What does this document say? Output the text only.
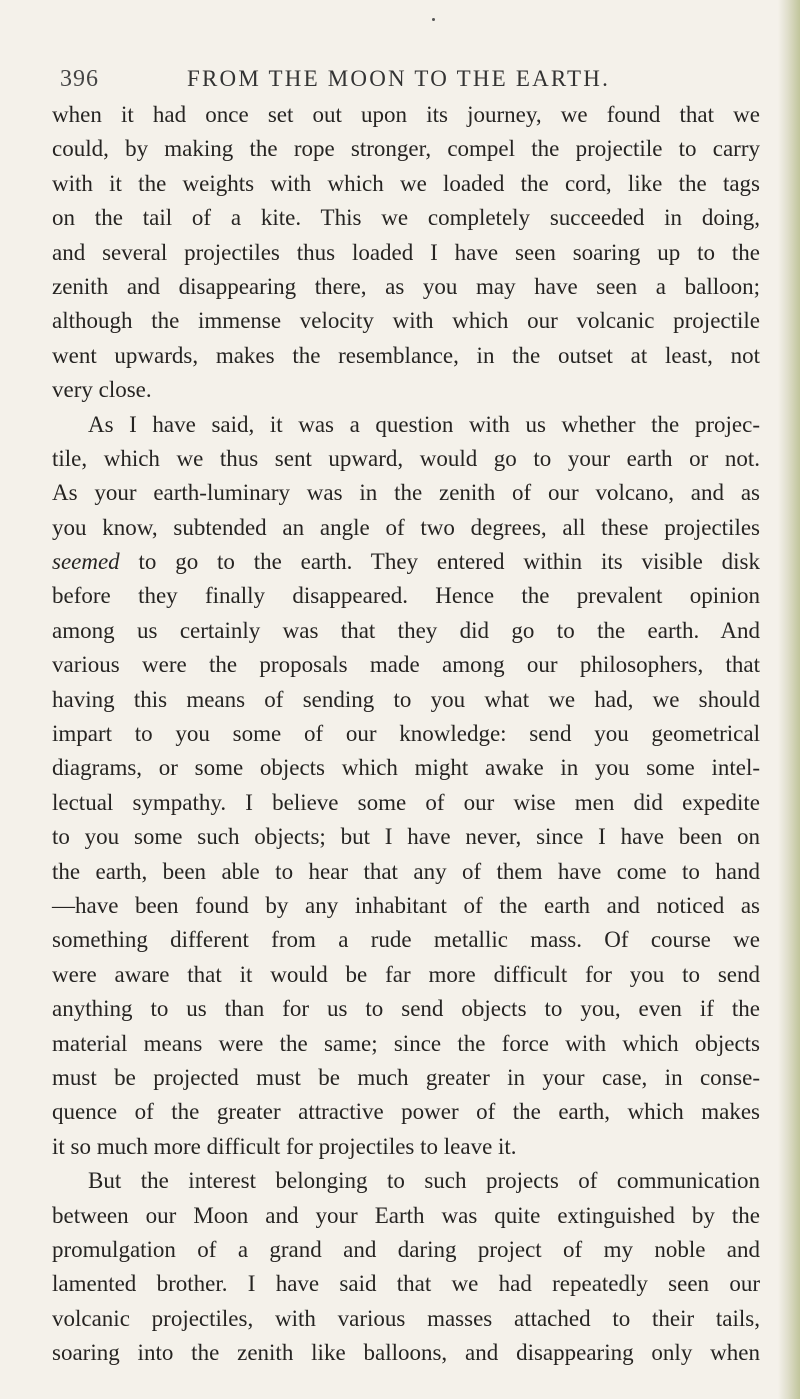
396	FROM THE MOON TO THE EARTH.
when it had once set out upon its journey, we found that we
could, by making the rope stronger, compel the projectile to carry
with it the weights with which we loaded the cord, like the tags
on the tail of a kite. This we completely succeeded in doing,
and several projectiles thus loaded I have seen soaring up to the
zenith and disappearing there, as you may have seen a balloon;
although the immense velocity with which our volcanic projectile
went upwards, makes the resemblance, in the outset at least, not
very close.
As I have said, it was a question with us whether the projec-
tile, which we thus sent upward, would go to your earth or not.
As your earth-luminary was in the zenith of our volcano, and as
you know, subtended an angle of two degrees, all these projectiles
seemed to go to the earth. They entered within its visible disk
before they finally disappeared. Hence the prevalent opinion
among us certainly was that they did go to the earth. And
various were the proposals made among our philosophers, that
having this means of sending to you what we had, we should
impart to you some of our knowledge: send you geometrical
diagrams, or some objects which might awake in you some intel-
lectual sympathy. I believe some of our wise men did expedite
to you some such objects; but I have never, since I have been on
the earth, been able to hear that any of them have come to hand
—have been found by any inhabitant of the earth and noticed as
something different from a rude metallic mass. Of course we
were aware that it would be far more difficult for you to send
anything to us than for us to send objects to you, even if the
material means were the same; since the force with which objects
must be projected must be much greater in your case, in conse-
quence of the greater attractive power of the earth, which makes
it so much more difficult for projectiles to leave it.
But the interest belonging to such projects of communication
between our Moon and your Earth was quite extinguished by the
promulgation of a grand and daring project of my noble and
lamented brother. I have said that we had repeatedly seen our
volcanic projectiles, with various masses attached to their tails,
soaring into the zenith like balloons, and disappearing only when
